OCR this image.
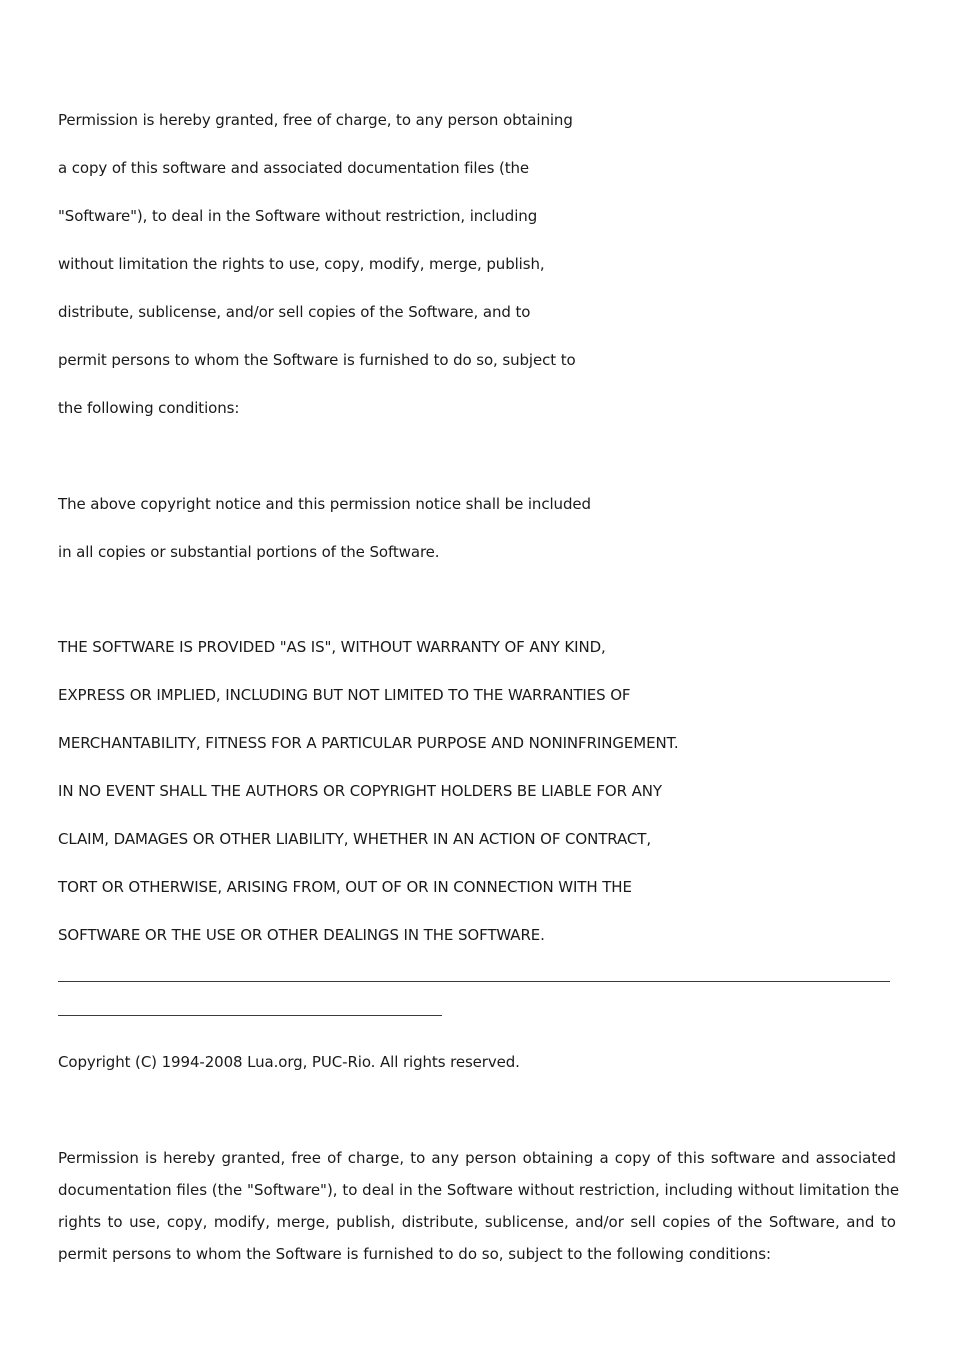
Permission is hereby granted, free of charge, to any person obtaining
a copy of this software and associated documentation files (the
"Software"), to deal in the Software without restriction, including
without limitation the rights to use, copy, modify, merge, publish,
distribute, sublicense, and/or sell copies of the Software, and to
permit persons to whom the Software is furnished to do so, subject to
the following conditions:
The above copyright notice and this permission notice shall be included
in all copies or substantial portions of the Software.
THE SOFTWARE IS PROVIDED "AS IS", WITHOUT WARRANTY OF ANY KIND,
EXPRESS OR IMPLIED, INCLUDING BUT NOT LIMITED TO THE WARRANTIES OF
MERCHANTABILITY, FITNESS FOR A PARTICULAR PURPOSE AND NONINFRINGEMENT.
IN NO EVENT SHALL THE AUTHORS OR COPYRIGHT HOLDERS BE LIABLE FOR ANY
CLAIM, DAMAGES OR OTHER LIABILITY, WHETHER IN AN ACTION OF CONTRACT,
TORT OR OTHERWISE, ARISING FROM, OUT OF OR IN CONNECTION WITH THE
SOFTWARE OR THE USE OR OTHER DEALINGS IN THE SOFTWARE.
Copyright (C) 1994-2008 Lua.org, PUC-Rio. All rights reserved.
Permission is hereby granted, free of charge, to any person obtaining a copy of this software and associated
documentation files (the "Software"), to deal in the Software without restriction, including without limitation the
rights to use, copy, modify, merge, publish, distribute, sublicense, and/or sell copies of the Software, and to
permit persons to whom the Software is furnished to do so, subject to the following conditions:
